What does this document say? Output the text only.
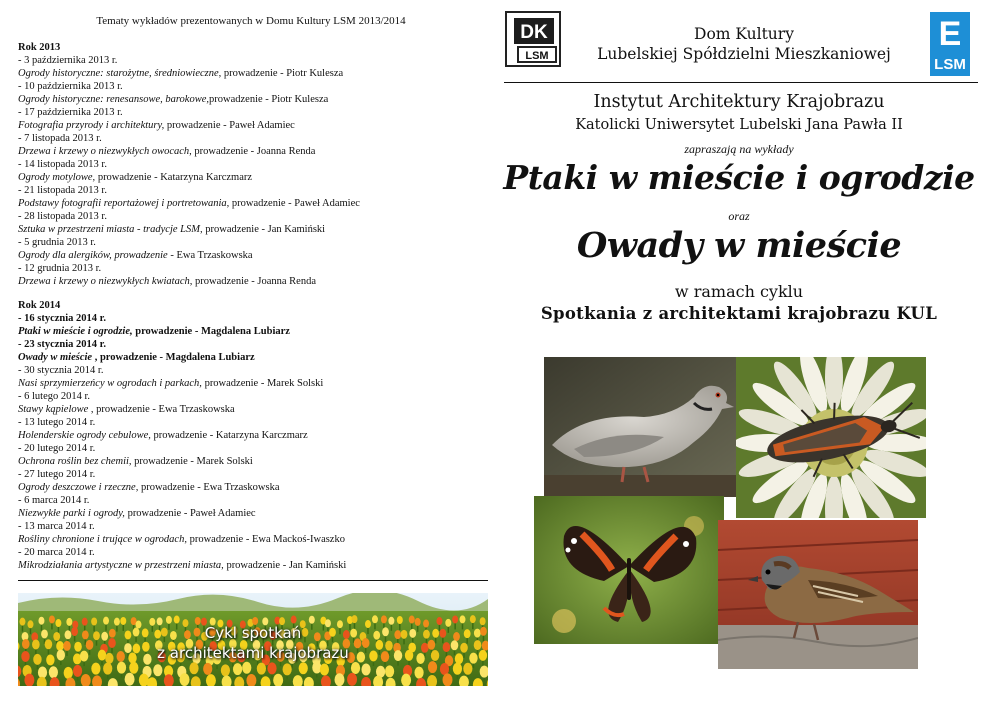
Tematy wykładów prezentowanych w Domu Kultury LSM 2013/2014
Rok 2013
- 3 października 2013 r.
Ogrody historyczne: starożytne, średniowieczne, prowadzenie - Piotr Kulesza
- 10 października 2013 r.
Ogrody historyczne: renesansowe, barokowe,prowadzenie - Piotr Kulesza
- 17 października 2013 r.
Fotografia przyrody i architektury, prowadzenie - Paweł Adamiec
- 7 listopada 2013 r.
Drzewa i krzewy o niezwykłych owocach, prowadzenie - Joanna Renda
- 14 listopada 2013 r.
Ogrody motylowe, prowadzenie - Katarzyna Karczmarz
- 21 listopada 2013 r.
Podstawy fotografii reportażowej i portretowania, prowadzenie - Paweł Adamiec
- 28 listopada 2013 r.
Sztuka w przestrzeni miasta - tradycje LSM, prowadzenie - Jan Kamiński
- 5 grudnia 2013 r.
Ogrody dla alergików, prowadzenie - Ewa Trzaskowska
- 12 grudnia 2013 r.
Drzewa i krzewy o niezwykłych kwiatach, prowadzenie - Joanna Renda
Rok 2014
- 16 stycznia 2014 r.
Ptaki w mieście i ogrodzie, prowadzenie - Magdalena Lubiarz
- 23 stycznia 2014 r.
Owady w mieście , prowadzenie - Magdalena Lubiarz
- 30 stycznia 2014 r.
Nasi sprzymierzeńcy w ogrodach i parkach, prowadzenie - Marek Solski
- 6 lutego 2014 r.
Stawy kąpielowe , prowadzenie - Ewa Trzaskowska
- 13 lutego 2014 r.
Holenderskie ogrody cebulowe, prowadzenie - Katarzyna Karczmarz
- 20 lutego 2014 r.
Ochrona roślin bez chemii, prowadzenie - Marek Solski
- 27 lutego 2014 r.
Ogrody deszczowe i rzeczne, prowadzenie - Ewa Trzaskowska
- 6 marca 2014 r.
Niezwykłe parki i ogrody, prowadzenie - Paweł Adamiec
- 13 marca 2014 r.
Rośliny chronione i trujące w ogrodach, prowadzenie - Ewa Mackoś-Iwaszko
- 20 marca 2014 r.
Mikrodziałania artystyczne w przestrzeni miasta, prowadzenie - Jan Kamiński
Cykl spotkań
z architektami krajobrazu
DK
LSM
Dom Kultury
Lubelskiej Spółdzielni Mieszkaniowej
E
LSM
Instytut Architektury Krajobrazu
Katolicki Uniwersytet Lubelski Jana Pawła II
zapraszają na wykłady
Ptaki w mieście i ogrodzie
oraz
Owady w mieście
w ramach cyklu
Spotkania z architektami krajobrazu KUL
